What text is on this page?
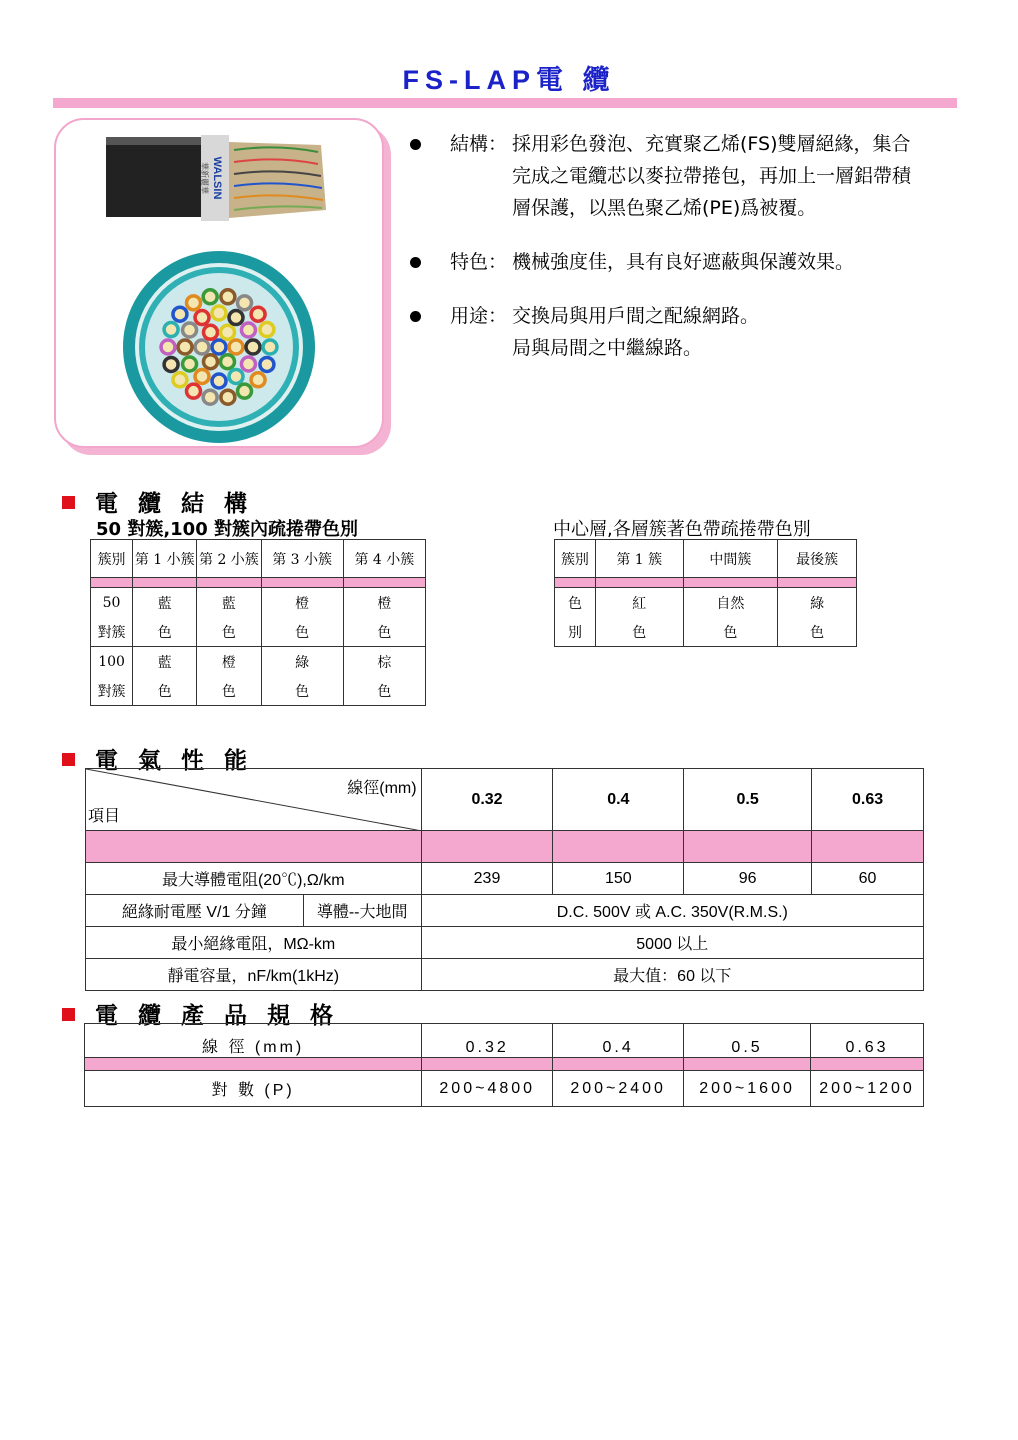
FS-LAP電 纜
WALSIN
華新麗華
結構： 採用彩色發泡、充實聚乙烯(FS)雙層絕緣，集合
完成之電纜芯以麥拉帶捲包，再加上一層鋁帶積
層保護，以黑色聚乙烯(PE)爲被覆。
特色： 機械強度佳，具有良好遮蔽與保護效果。
用途： 交換局與用戶間之配線網路。
局與局間之中繼線路。
電 纜 結 構
50 對簇,100 對簇內疏捲帶色別	中心層,各層簇著色帶疏捲帶色別
簇別	第 1 小簇	第 2 小簇	第 3 小簇	第 4 小簇

50	藍	藍	橙	橙
對簇	色	色	色	色
100	藍	橙	綠	棕
對簇	色	色	色	色
簇別	第 1 簇	中間簇	最後簇

色	紅	自然	綠
別	色	色	色
電 氣 性 能
線徑(mm)
項目		0.32	0.4	0.5	0.63

最大導體電阻(20℃),Ω/km		239	150	96	60
絕緣耐電壓 V/1 分鐘	導體--大地間	D.C. 500V 或 A.C. 350V(R.M.S.)			
最小絕緣電阻，MΩ-km		5000 以上			
靜電容量，nF/km(1kHz)		最大值：60 以下			
電 纜 產 品 規 格
線 徑 (mm)	0.32	0.4	0.5	0.63

對 數 (P)	200~4800	200~2400	200~1600	200~1200
